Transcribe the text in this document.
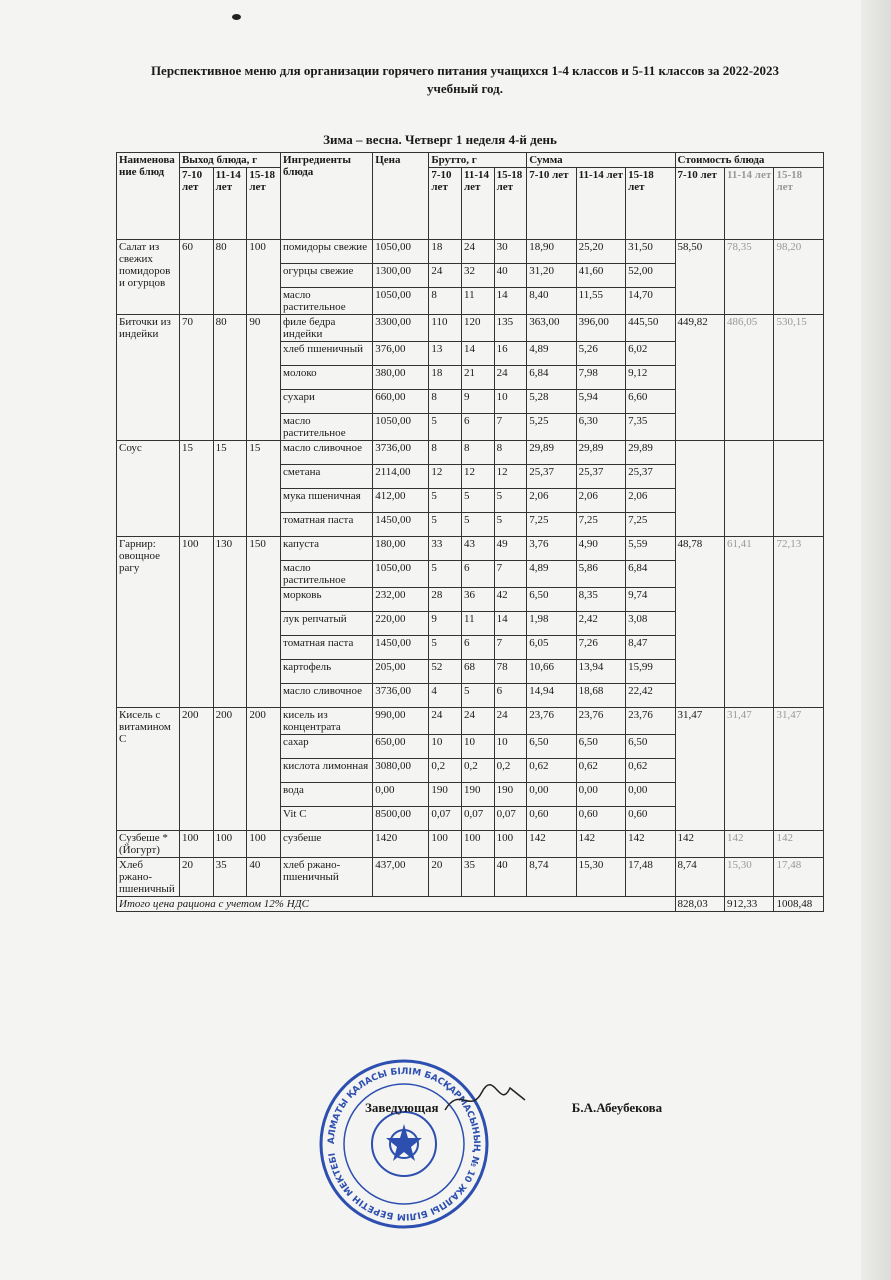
Перспективное меню для организации горячего питания учащихся 1-4 классов и 5-11 классов за 2022-2023
учебный год.
Зима – весна. Четверг 1 неделя 4-й день
Наименование блюд	Выход блюда, г			Ингредиенты блюда	Цена	Брутто, г			Сумма			Стоимость блюда		
	7-10 лет	11-14 лет	15-18 лет			7-10 лет	11-14 лет	15-18 лет	7-10 лет	11-14 лет	15-18 лет	7-10 лет	11-14 лет	15-18 лет
Салат из свежих помидоров и огурцов	60	80	100	помидоры свежие	1050,00	18	24	30	18,90	25,20	31,50	58,50	78,35	98,20
				огурцы свежие	1300,00	24	32	40	31,20	41,60	52,00			
				масло растительное	1050,00	8	11	14	8,40	11,55	14,70			
Биточки из индейки	70	80	90	филе бедра индейки	3300,00	110	120	135	363,00	396,00	445,50	449,82	486,05	530,15
				хлеб пшеничный	376,00	13	14	16	4,89	5,26	6,02			
				молоко	380,00	18	21	24	6,84	7,98	9,12			
				сухари	660,00	8	9	10	5,28	5,94	6,60			
				масло растительное	1050,00	5	6	7	5,25	6,30	7,35			
Соус	15	15	15	масло сливочное	3736,00	8	8	8	29,89	29,89	29,89			
				сметана	2114,00	12	12	12	25,37	25,37	25,37			
				мука пшеничная	412,00	5	5	5	2,06	2,06	2,06			
				томатная паста	1450,00	5	5	5	7,25	7,25	7,25			
Гарнир: овощное рагу	100	130	150	капуста	180,00	33	43	49	3,76	4,90	5,59	48,78	61,41	72,13
				масло растительное	1050,00	5	6	7	4,89	5,86	6,84			
				морковь	232,00	28	36	42	6,50	8,35	9,74			
				лук репчатый	220,00	9	11	14	1,98	2,42	3,08			
				томатная паста	1450,00	5	6	7	6,05	7,26	8,47			
				картофель	205,00	52	68	78	10,66	13,94	15,99			
				масло сливочное	3736,00	4	5	6	14,94	18,68	22,42			
Кисель с витамином С	200	200	200	кисель из концентрата	990,00	24	24	24	23,76	23,76	23,76	31,47	31,47	31,47
				сахар	650,00	10	10	10	6,50	6,50	6,50			
				кислота лимонная	3080,00	0,2	0,2	0,2	0,62	0,62	0,62			
				вода	0,00	190	190	190	0,00	0,00	0,00			
				Vit C	8500,00	0,07	0,07	0,07	0,60	0,60	0,60			
Сузбеше *(Йогурт)	100	100	100	сузбеше	1420	100	100	100	142	142	142	142	142	142
Хлеб ржано-пшеничный	20	35	40	хлеб ржано-пшеничный	437,00	20	35	40	8,74	15,30	17,48	8,74	15,30	17,48
Итого цена рациона с учетом 12% НДС												828,03	912,33	1008,48
АЛМАТЫ ҚАЛАСЫ БІЛІМ БАСҚАРМАСЫНЫҢ № 10 ЖАЛПЫ БІЛІМ БЕРЕТІН МЕКТЕБІ
Заведующая	Б.А.Абеубекова
